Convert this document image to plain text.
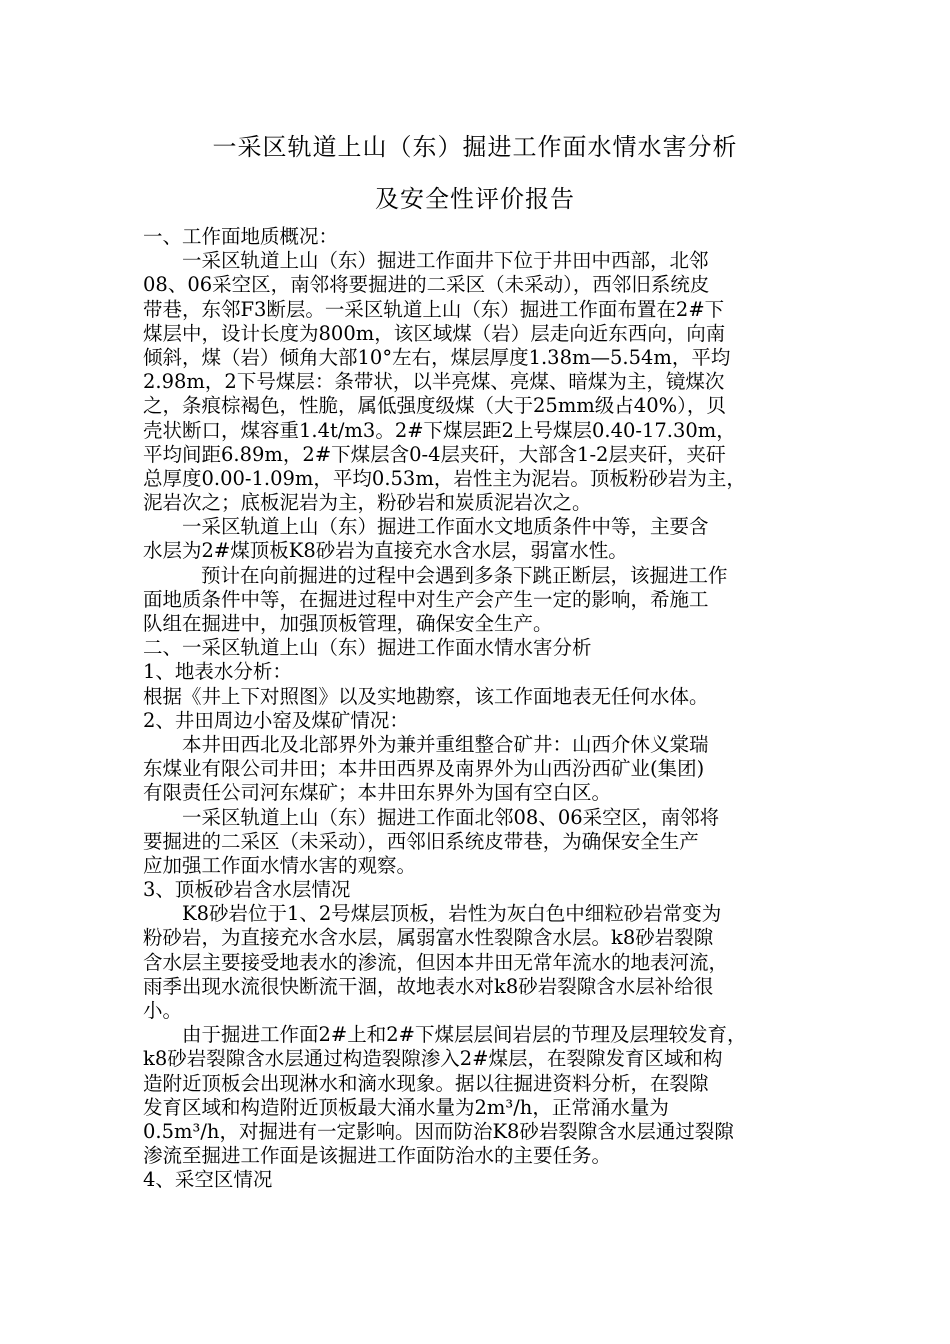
一采区轨道上山（东）掘进工作面水情水害分析
及安全性评价报告
一、工作面地质概况：
一采区轨道上山（东）掘进工作面井下位于井田中西部，北邻
08、06采空区，南邻将要掘进的二采区（未采动），西邻旧系统皮
带巷，东邻F3断层。一采区轨道上山（东）掘进工作面布置在2#下
煤层中，设计长度为800m，该区域煤（岩）层走向近东西向，向南
倾斜，煤（岩）倾角大部10°左右，煤层厚度1.38m—5.54m，平均
2.98m，2下号煤层：条带状，以半亮煤、亮煤、暗煤为主，镜煤次
之，条痕棕褐色，性脆，属低强度级煤（大于25mm级占40%），贝
壳状断口，煤容重1.4t/m3。2#下煤层距2上号煤层0.40-17.30m，
平均间距6.89m，2#下煤层含0-4层夹矸，大部含1-2层夹矸，夹矸
总厚度0.00-1.09m，平均0.53m，岩性主为泥岩。顶板粉砂岩为主，
泥岩次之；底板泥岩为主，粉砂岩和炭质泥岩次之。
一采区轨道上山（东）掘进工作面水文地质条件中等，主要含
水层为2#煤顶板K8砂岩为直接充水含水层，弱富水性。
预计在向前掘进的过程中会遇到多条下跳正断层，该掘进工作
面地质条件中等，在掘进过程中对生产会产生一定的影响，希施工
队组在掘进中，加强顶板管理，确保安全生产。
二、一采区轨道上山（东）掘进工作面水情水害分析
1、地表水分析：
根据《井上下对照图》以及实地勘察，该工作面地表无任何水体。
2、井田周边小窑及煤矿情况：
本井田西北及北部界外为兼并重组整合矿井：山西介休义棠瑞
东煤业有限公司井田；本井田西界及南界外为山西汾西矿业(集团)
有限责任公司河东煤矿；本井田东界外为国有空白区。
一采区轨道上山（东）掘进工作面北邻08、06采空区，南邻将
要掘进的二采区（未采动），西邻旧系统皮带巷，为确保安全生产
应加强工作面水情水害的观察。
3、顶板砂岩含水层情况
K8砂岩位于1、2号煤层顶板，岩性为灰白色中细粒砂岩常变为
粉砂岩，为直接充水含水层，属弱富水性裂隙含水层。k8砂岩裂隙
含水层主要接受地表水的渗流，但因本井田无常年流水的地表河流，
雨季出现水流很快断流干涸，故地表水对k8砂岩裂隙含水层补给很
小。
由于掘进工作面2#上和2#下煤层层间岩层的节理及层理较发育，
k8砂岩裂隙含水层通过构造裂隙渗入2#煤层，在裂隙发育区域和构
造附近顶板会出现淋水和滴水现象。据以往掘进资料分析，在裂隙
发育区域和构造附近顶板最大涌水量为2m³/h，正常涌水量为
0.5m³/h，对掘进有一定影响。因而防治K8砂岩裂隙含水层通过裂隙
渗流至掘进工作面是该掘进工作面防治水的主要任务。
4、采空区情况
